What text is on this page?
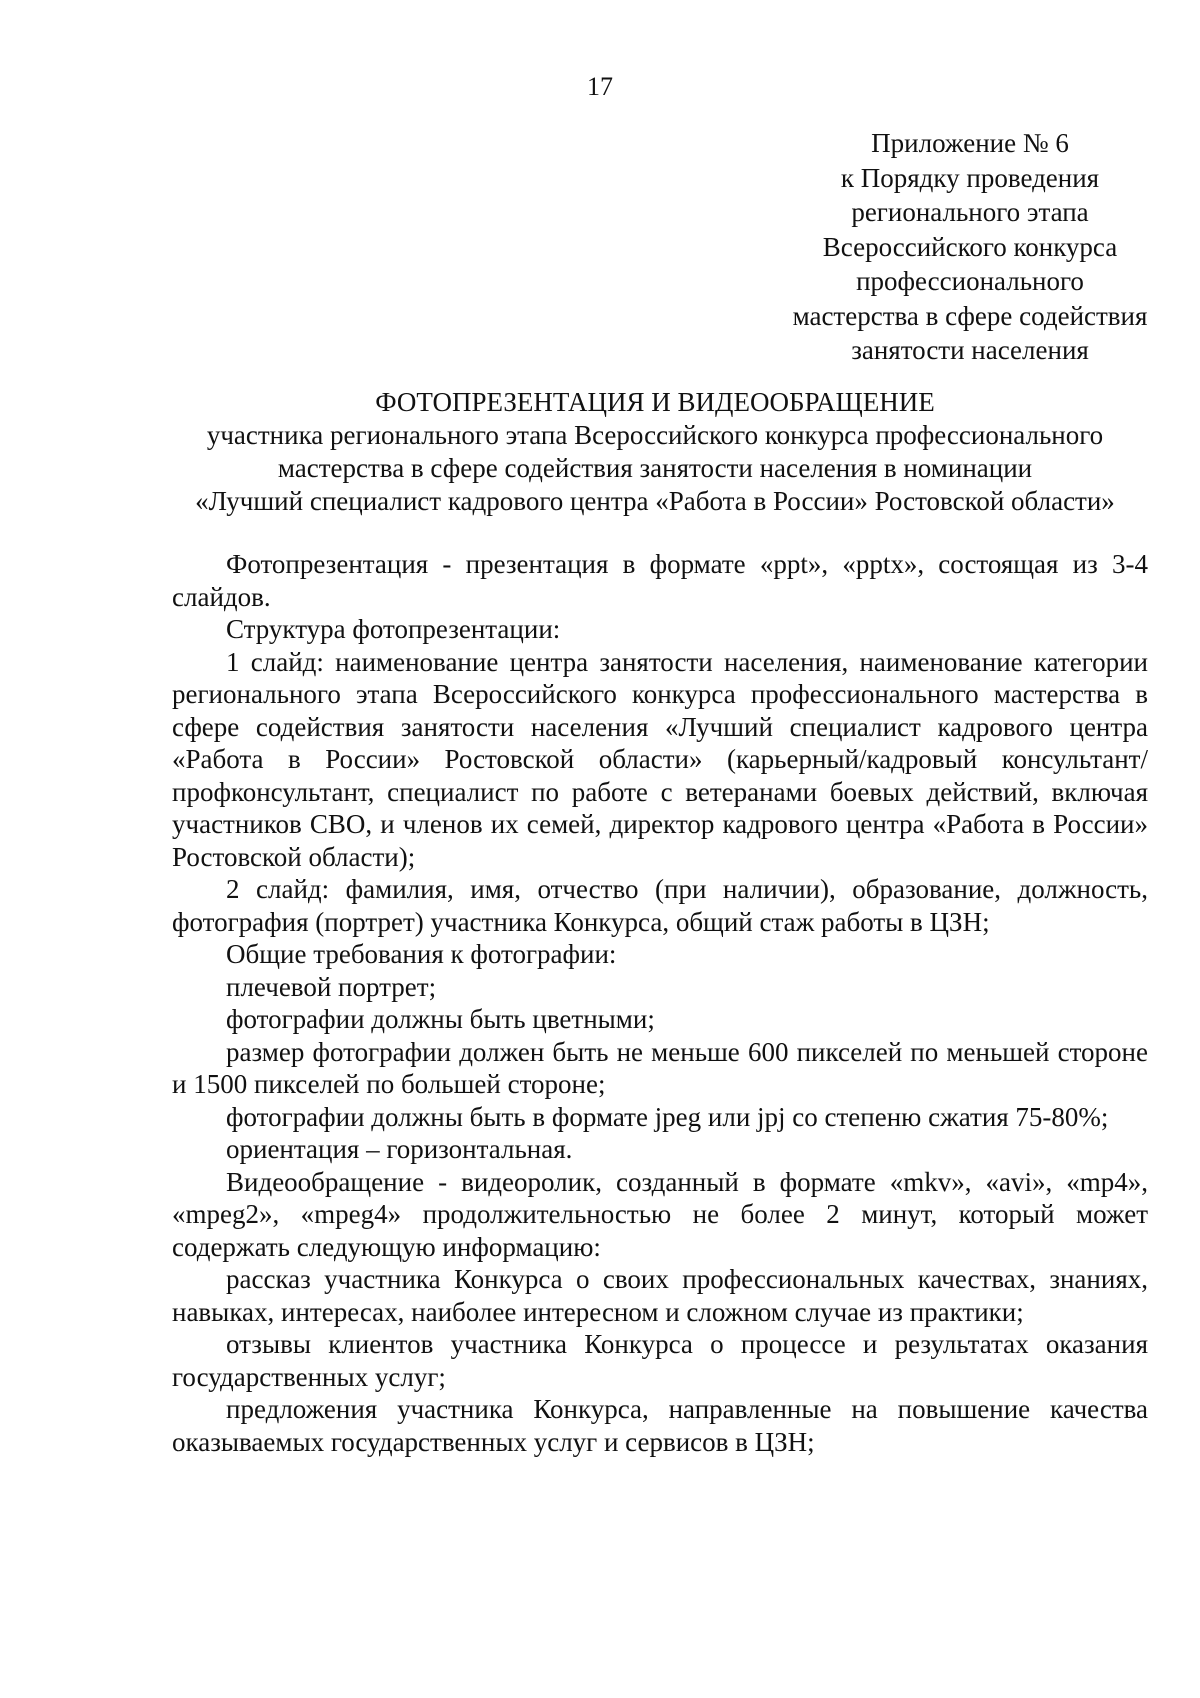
17
Приложение № 6
к Порядку проведения
регионального этапа
Всероссийского конкурса
профессионального
мастерства в сфере содействия
занятости населения
ФОТОПРЕЗЕНТАЦИЯ И ВИДЕООБРАЩЕНИЕ
участника регионального этапа Всероссийского конкурса профессионального
мастерства в сфере содействия занятости населения в номинации
«Лучший специалист кадрового центра «Работа в России» Ростовской области»

Фотопрезентация - презентация в формате «ppt», «pptx», состоящая из 3-4 слайдов.

Структура фотопрезентации:

1 слайд: наименование центра занятости населения, наименование категории регионального этапа Всероссийского конкурса профессионального мастерства в сфере содействия занятости населения «Лучший специалист кадрового центра «Работа в России» Ростовской области» (карьерный/кадровый консультант/профконсультант, специалист по работе с ветеранами боевых действий, включая участников СВО, и членов их семей, директор кадрового центра «Работа в России» Ростовской области);

2 слайд: фамилия, имя, отчество (при наличии), образование, должность, фотография (портрет) участника Конкурса, общий стаж работы в ЦЗН;

Общие требования к фотографии:

плечевой портрет;

фотографии должны быть цветными;

размер фотографии должен быть не меньше 600 пикселей по меньшей стороне и 1500 пикселей по большей стороне;

фотографии должны быть в формате jpeg или jpj со степеню сжатия 75-80%;

ориентация – горизонтальная.

Видеообращение - видеоролик, созданный в формате «mkv», «avi», «mp4», «mpeg2», «mpeg4» продолжительностью не более 2 минут, который может содержать следующую информацию:

рассказ участника Конкурса о своих профессиональных качествах, знаниях, навыках, интересах, наиболее интересном и сложном случае из практики;

отзывы клиентов участника Конкурса о процессе и результатах оказания государственных услуг;

предложения участника Конкурса, направленные на повышение качества оказываемых государственных услуг и сервисов в ЦЗН;
